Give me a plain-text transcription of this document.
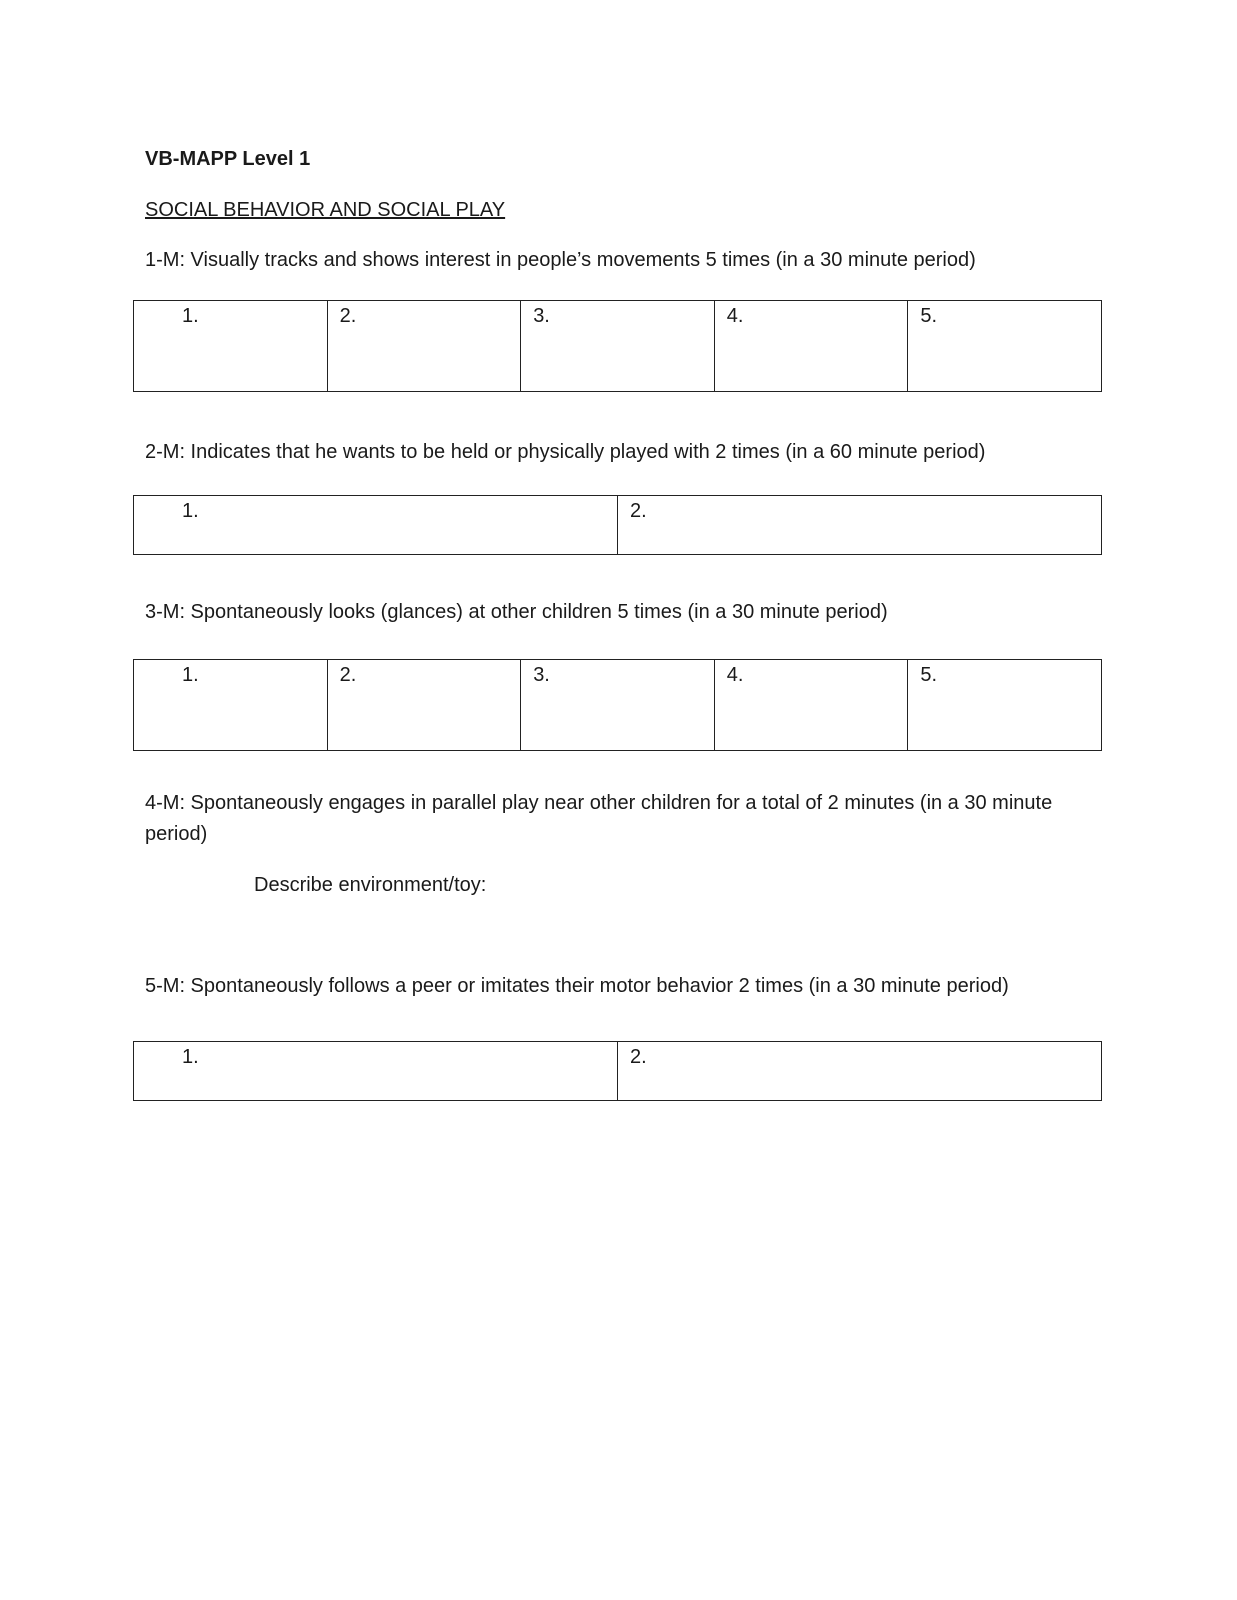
VB-MAPP Level 1
SOCIAL BEHAVIOR AND SOCIAL PLAY
1-M: Visually tracks and shows interest in people’s movements 5 times (in a 30 minute period)
1.	2.	3.	4.	5.
2-M: Indicates that he wants to be held or physically played with 2 times (in a 60 minute period)
1.	2.
3-M: Spontaneously looks (glances) at other children 5 times (in a 30 minute period)
1.	2.	3.	4.	5.
4-M: Spontaneously engages in parallel play near other children for a total of 2 minutes (in a 30 minute period)
Describe environment/toy:
5-M: Spontaneously follows a peer or imitates their motor behavior 2 times (in a 30 minute period)
1.	2.
